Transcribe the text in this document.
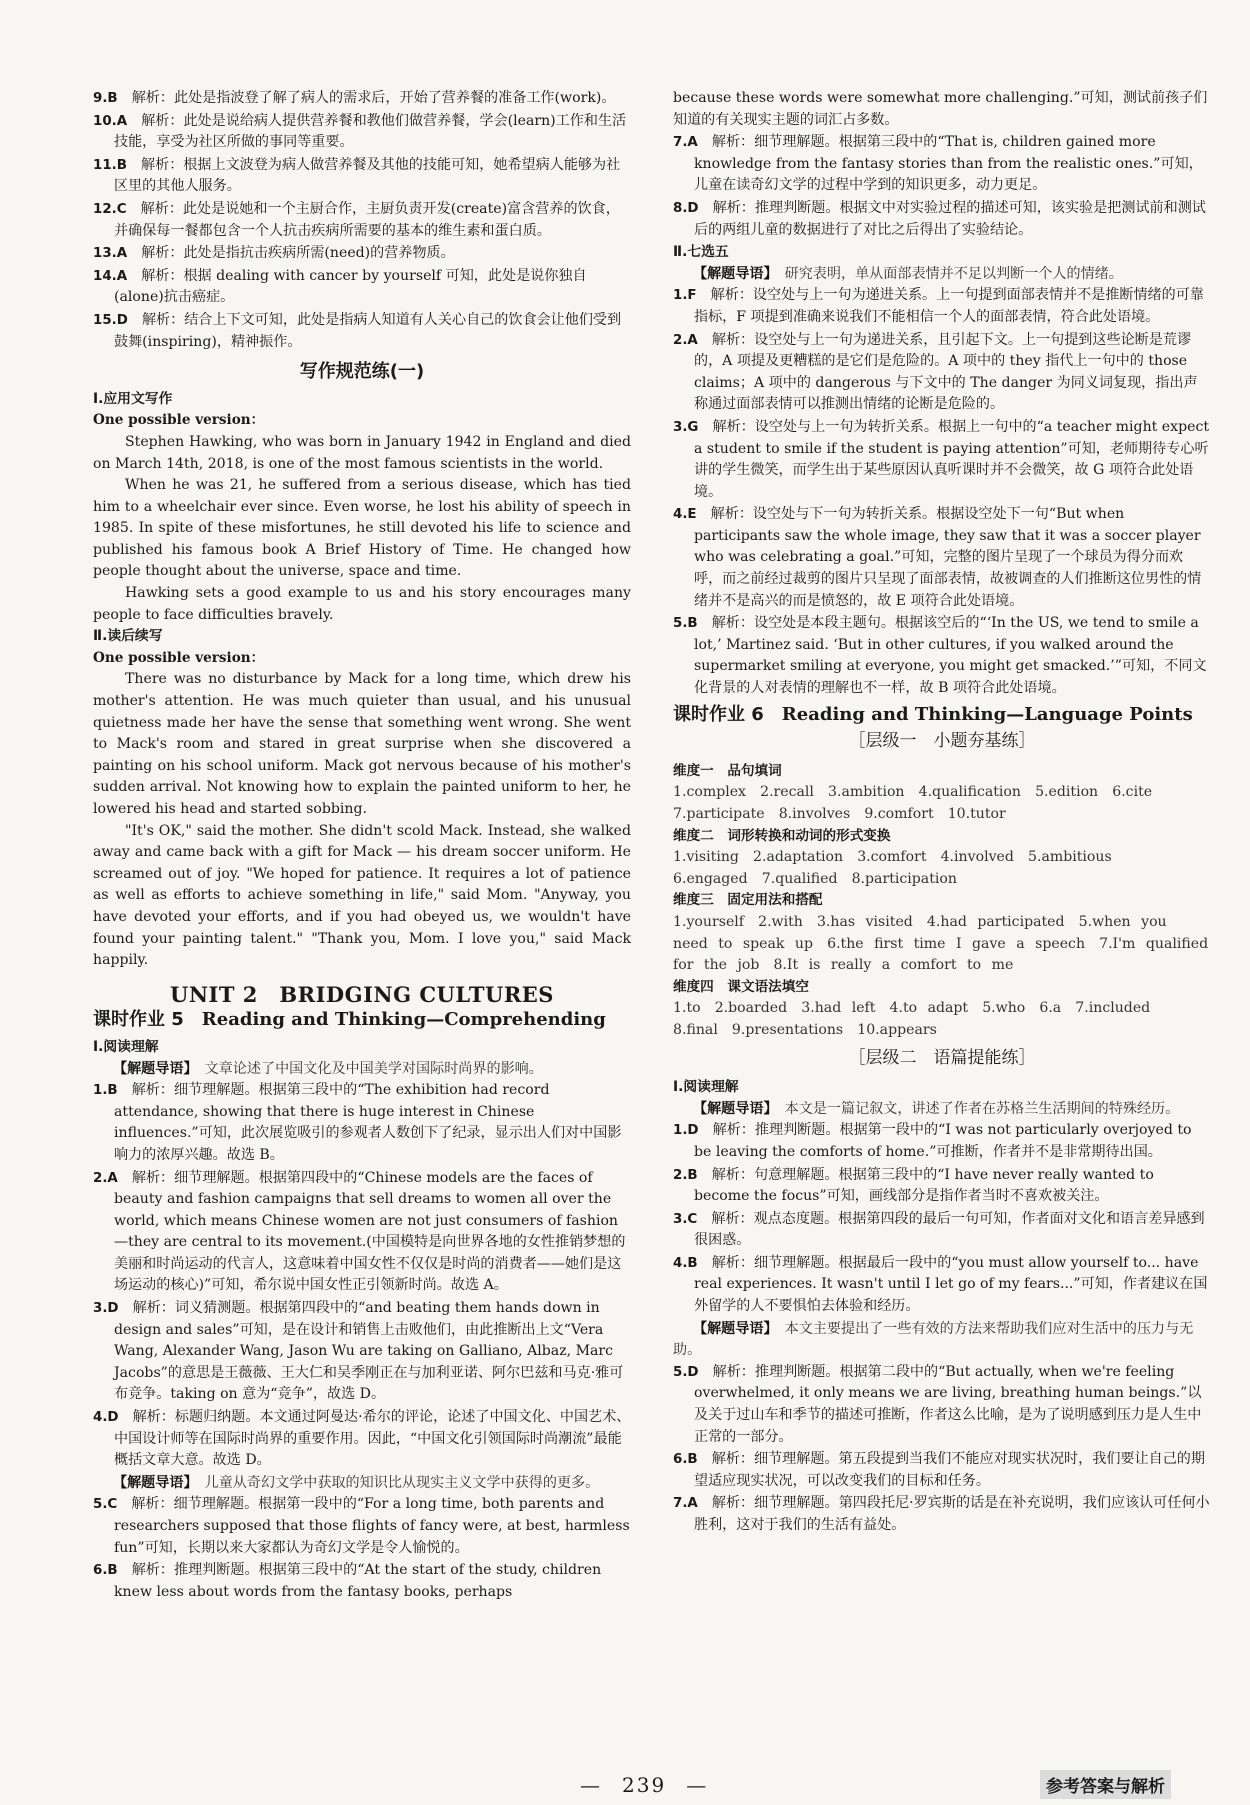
9.B　 解析：此处是指波登了解了病人的需求后，开始了营养餐的准备工作(work)。

10.A　 解析：此处是说给病人提供营养餐和教他们做营养餐，学会(learn)工作和生活技能，享受为社区所做的事同等重要。

11.B　 解析：根据上文波登为病人做营养餐及其他的技能可知，她希望病人能够为社区里的其他人服务。

12.C　 解析：此处是说她和一个主厨合作，主厨负责开发(create)富含营养的饮食，并确保每一餐都包含一个人抗击疾病所需要的基本的维生素和蛋白质。

13.A　 解析：此处是指抗击疾病所需(need)的营养物质。

14.A　 解析：根据 dealing with cancer by yourself 可知，此处是说你独自(alone)抗击癌症。

15.D　 解析：结合上下文可知，此处是指病人知道有人关心自己的饮食会让他们受到鼓舞(inspiring)，精神振作。

写作规范练(一)

Ⅰ.应用文写作

One possible version：

Stephen Hawking, who was born in January 1942 in England and died on March 14th, 2018, is one of the most famous scientists in the world.

When he was 21, he suffered from a serious disease, which has tied him to a wheelchair ever since. Even worse, he lost his ability of speech in 1985. In spite of these misfortunes, he still devoted his life to science and published his famous book A Brief History of Time. He changed how people thought about the universe, space and time.

Hawking sets a good example to us and his story encourages many people to face difficulties bravely.

Ⅱ.读后续写

One possible version：

There was no disturbance by Mack for a long time, which drew his mother's attention. He was much quieter than usual, and his unusual quietness made her have the sense that something went wrong. She went to Mack's room and stared in great surprise when she discovered a painting on his school uniform. Mack got nervous because of his mother's sudden arrival. Not knowing how to explain the painted uniform to her, he lowered his head and started sobbing.

"It's OK," said the mother. She didn't scold Mack. Instead, she walked away and came back with a gift for Mack — his dream soccer uniform. He screamed out of joy. "We hoped for patience. It requires a lot of patience as well as efforts to achieve something in life," said Mom. "Anyway, you have devoted your efforts, and if you had obeyed us, we wouldn't have found your painting talent." "Thank you, Mom. I love you," said Mack happily.

UNIT 2　BRIDGING CULTURES

课时作业 5　 Reading and Thinking—Comprehending

Ⅰ.阅读理解

【解题导语】　 文章论述了中国文化及中国美学对国际时尚界的影响。

1.B　 解析：细节理解题。根据第三段中的“The exhibition had record attendance, showing that there is huge interest in Chinese influences.”可知，此次展览吸引的参观者人数创下了纪录，显示出人们对中国影响力的浓厚兴趣。故选 B。

2.A　 解析：细节理解题。根据第四段中的“Chinese models are the faces of beauty and fashion campaigns that sell dreams to women all over the world, which means Chinese women are not just consumers of fashion—they are central to its movement.(中国模特是向世界各地的女性推销梦想的美丽和时尚运动的代言人，这意味着中国女性不仅仅是时尚的消费者——她们是这场运动的核心)”可知，希尔说中国女性正引领新时尚。故选 A。

3.D　 解析：词义猜测题。根据第四段中的“and beating them hands down in design and sales”可知，是在设计和销售上击败他们，由此推断出上文“Vera Wang, Alexander Wang, Jason Wu are taking on Galliano, Albaz, Marc Jacobs”的意思是王薇薇、王大仁和吴季刚正在与加利亚诺、阿尔巴兹和马克·雅可布竞争。taking on 意为“竞争”，故选 D。

4.D　 解析：标题归纳题。本文通过阿曼达·希尔的评论，论述了中国文化、中国艺术、中国设计师等在国际时尚界的重要作用。因此，“中国文化引领国际时尚潮流”最能概括文章大意。故选 D。

【解题导语】　 儿童从奇幻文学中获取的知识比从现实主义文学中获得的更多。

5.C　 解析：细节理解题。根据第一段中的“For a long time, both parents and researchers supposed that those flights of fancy were, at best, harmless fun”可知，长期以来大家都认为奇幻文学是令人愉悦的。

6.B　 解析：推理判断题。根据第三段中的“At the start of the study, children knew less about words from the fantasy books, perhaps

because these words were somewhat more challenging.”可知，测试前孩子们知道的有关现实主题的词汇占多数。

7.A　 解析：细节理解题。根据第三段中的“That is, children gained more knowledge from the fantasy stories than from the realistic ones.”可知，儿童在读奇幻文学的过程中学到的知识更多，动力更足。

8.D　 解析：推理判断题。根据文中对实验过程的描述可知，该实验是把测试前和测试后的两组儿童的数据进行了对比之后得出了实验结论。

Ⅱ.七选五

【解题导语】　 研究表明，单从面部表情并不足以判断一个人的情绪。

1.F　 解析：设空处与上一句为递进关系。上一句提到面部表情并不是推断情绪的可靠指标，F 项提到准确来说我们不能相信一个人的面部表情，符合此处语境。

2.A　 解析：设空处与上一句为递进关系，且引起下文。上一句提到这些论断是荒谬的，A 项提及更糟糕的是它们是危险的。A 项中的 they 指代上一句中的 those claims；A 项中的 dangerous 与下文中的 The danger 为同义词复现，指出声称通过面部表情可以推测出情绪的论断是危险的。

3.G　 解析：设空处与上一句为转折关系。根据上一句中的“a teacher might expect a student to smile if the student is paying attention”可知，老师期待专心听讲的学生微笑，而学生出于某些原因认真听课时并不会微笑，故 G 项符合此处语境。

4.E　 解析：设空处与下一句为转折关系。根据设空处下一句“But when participants saw the whole image, they saw that it was a soccer player who was celebrating a goal.”可知，完整的图片呈现了一个球员为得分而欢呼，而之前经过裁剪的图片只呈现了面部表情，故被调查的人们推断这位男性的情绪并不是高兴的而是愤怒的，故 E 项符合此处语境。

5.B　 解析：设空处是本段主题句。根据该空后的“‘In the US, we tend to smile a lot,’ Martinez said. ‘But in other cultures, if you walked around the supermarket smiling at everyone, you might get smacked.’”可知，不同文化背景的人对表情的理解也不一样，故 B 项符合此处语境。

课时作业 6　 Reading and Thinking—Language Points

［层级一　小题夯基练］

维度一　品句填词

1.complex　2.recall　3.ambition　4.qualification　5.edition　6.cite

7.participate　8.involves　9.comfort　10.tutor

维度二　词形转换和动词的形式变换

1.visiting　2.adaptation　3.comfort　4.involved　5.ambitious

6.engaged　7.qualified　8.participation

维度三　固定用法和搭配

1.yourself　2.with　3.has visited　4.had participated　5.when you need to speak up　6.the first time I gave a speech　7.I'm qualified for the job　8.It is really a comfort to me

维度四　课文语法填空

1.to　2.boarded　3.had left　4.to adapt　5.who　6.a　7.included

8.final　9.presentations　10.appears

［层级二　语篇提能练］

Ⅰ.阅读理解

【解题导语】　 本文是一篇记叙文，讲述了作者在苏格兰生活期间的特殊经历。

1.D　 解析：推理判断题。根据第一段中的“I was not particularly overjoyed to be leaving the comforts of home.”可推断，作者并不是非常期待出国。

2.B　 解析：句意理解题。根据第三段中的“I have never really wanted to become the focus”可知，画线部分是指作者当时不喜欢被关注。

3.C　 解析：观点态度题。根据第四段的最后一句可知，作者面对文化和语言差异感到很困惑。

4.B　 解析：细节理解题。根据最后一段中的“you must allow yourself to... have real experiences. It wasn't until I let go of my fears...”可知，作者建议在国外留学的人不要惧怕去体验和经历。

【解题导语】　 本文主要提出了一些有效的方法来帮助我们应对生活中的压力与无助。

5.D　 解析：推理判断题。根据第二段中的“But actually, when we're feeling overwhelmed, it only means we are living, breathing human beings.”以及关于过山车和季节的描述可推断，作者这么比喻，是为了说明感到压力是人生中正常的一部分。

6.B　 解析：细节理解题。第五段提到当我们不能应对现实状况时，我们要让自己的期望适应现实状况，可以改变我们的目标和任务。

7.A　 解析：细节理解题。第四段托尼·罗宾斯的话是在补充说明，我们应该认可任何小胜利，这对于我们的生活有益处。

—　 239　 —	参考答案与解析
